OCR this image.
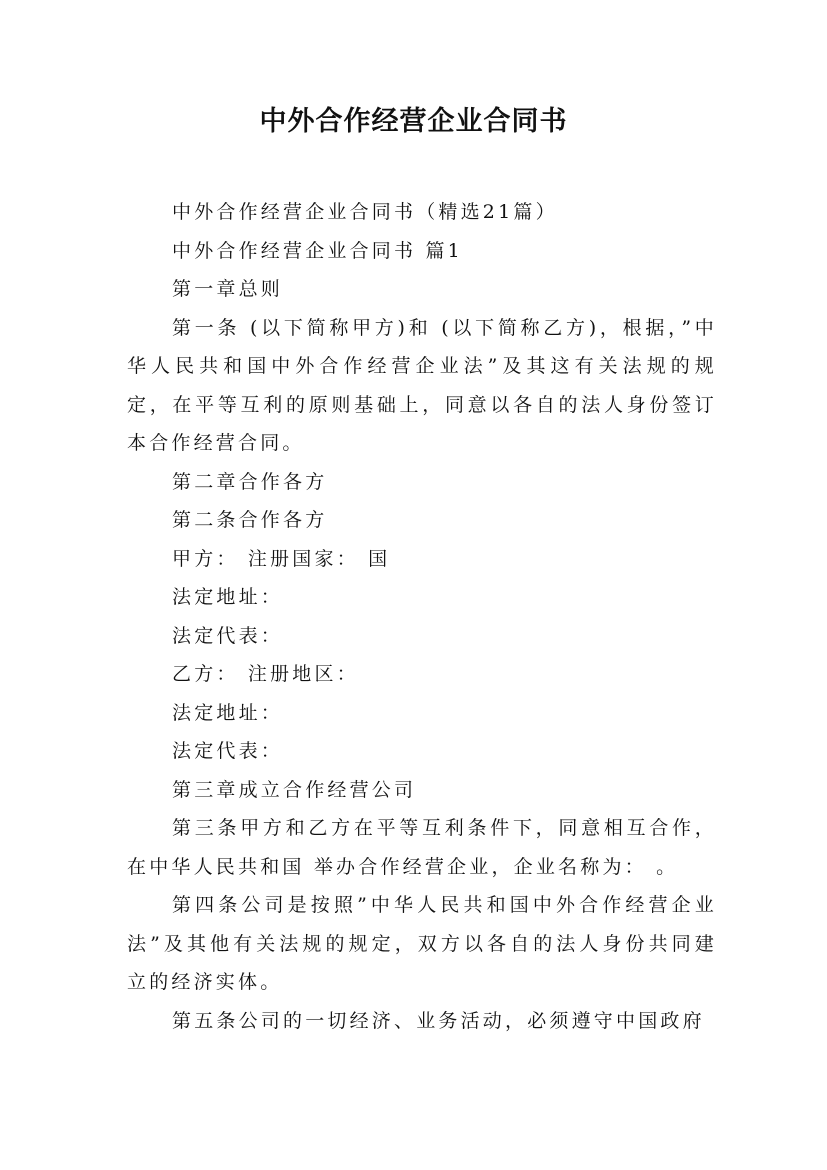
中外合作经营企业合同书

中外合作经营企业合同书（精选21篇）

中外合作经营企业合同书 篇1

第一章总则

第一条 (以下简称甲方)和 (以下简称乙方)，根据，”中华人民共和国中外合作经营企业法”及其这有关法规的规定，在平等互利的原则基础上，同意以各自的法人身份签订本合作经营合同。

第二章合作各方

第二条合作各方

甲方： 注册国家： 国

法定地址：

法定代表：

乙方： 注册地区：

法定地址：

法定代表：

第三章成立合作经营公司

第三条甲方和乙方在平等互利条件下，同意相互合作，在中华人民共和国 举办合作经营企业，企业名称为： 。

第四条公司是按照”中华人民共和国中外合作经营企业法”及其他有关法规的规定，双方以各自的法人身份共同建立的经济实体。

第五条公司的一切经济、业务活动，必须遵守中国政府
